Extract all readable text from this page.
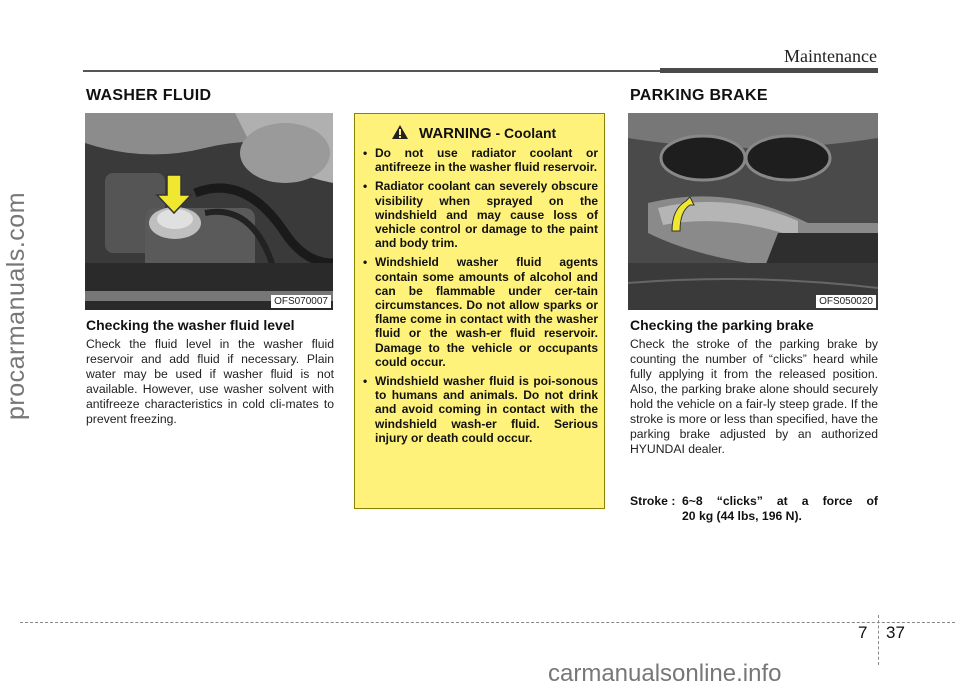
Maintenance
WASHER FLUID
OFS070007
Checking the washer fluid level
Check the fluid level in the washer fluid reservoir and add fluid if necessary. Plain water may be used if washer fluid is not available. However, use washer solvent with antifreeze characteristics in cold cli-mates to prevent freezing.
WARNING - Coolant
• Do not use radiator coolant or antifreeze in the washer fluid reservoir.
• Radiator coolant can severely obscure visibility when sprayed on the windshield and may cause loss of vehicle control or damage to the paint and body trim.
• Windshield washer fluid agents contain some amounts of alcohol and can be flammable under cer-tain circumstances. Do not allow sparks or flame come in contact with the washer fluid or the wash-er fluid reservoir. Damage to the vehicle or occupants could occur.
• Windshield washer fluid is poi-sonous to humans and animals. Do not drink and avoid coming in contact with the windshield wash-er fluid. Serious injury or death could occur.
PARKING BRAKE
OFS050020
Checking the parking brake
Check the stroke of the parking brake by counting the number of “clicks” heard while fully applying it from the released position. Also, the parking brake alone should securely hold the vehicle on a fair-ly steep grade. If the stroke is more or less than specified, have the parking brake adjusted by an authorized HYUNDAI dealer.
Stroke : 6~8 “clicks” at a force of
20 kg (44 lbs, 196 N).
procarmanuals.com
carmanualsonline.info
7 37
